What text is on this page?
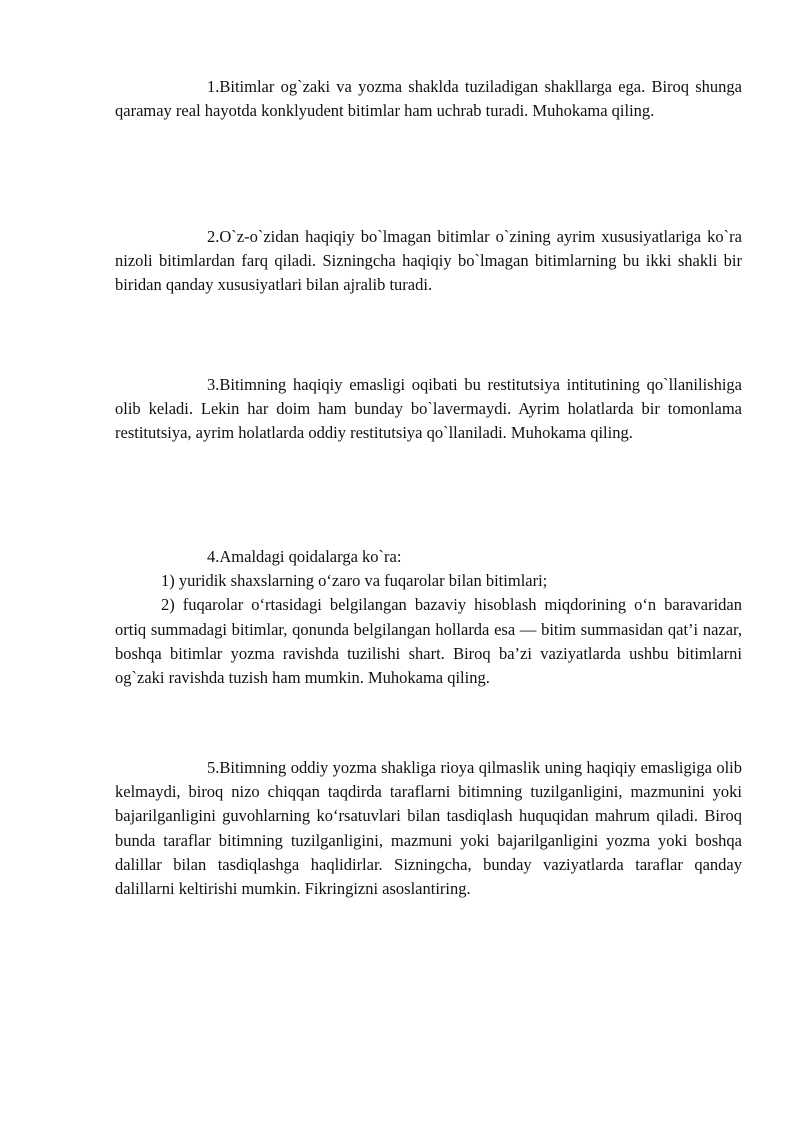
1.Bitimlar og`zaki va yozma shaklda tuziladigan shakllarga ega. Biroq shunga qaramay real hayotda konklyudent bitimlar ham uchrab turadi. Muhokama qiling.

2.O`z-o`zidan haqiqiy bo`lmagan bitimlar o`zining ayrim xususiyatlariga ko`ra nizoli bitimlardan farq qiladi. Sizningcha haqiqiy bo`lmagan bitimlarning bu ikki shakli bir biridan qanday xususiyatlari bilan ajralib turadi.

3.Bitimning haqiqiy emasligi oqibati bu restitutsiya intitutining qo`llanilishiga olib keladi. Lekin har doim ham bunday bo`lavermaydi. Ayrim holatlarda bir tomonlama restitutsiya, ayrim holatlarda oddiy restitutsiya qo`llaniladi. Muhokama qiling.

4.Amaldagi qoidalarga ko`ra:

1) yuridik shaxslarning o‘zaro va fuqarolar bilan bitimlari;

2) fuqarolar o‘rtasidagi belgilangan bazaviy hisoblash miqdorining o‘n baravaridan ortiq summadagi bitimlar, qonunda belgilangan hollarda esa — bitim summasidan qat’i nazar, boshqa bitimlar yozma ravishda tuzilishi shart. Biroq ba’zi vaziyatlarda ushbu bitimlarni og`zaki ravishda tuzish ham mumkin. Muhokama qiling.

5.Bitimning oddiy yozma shakliga rioya qilmaslik uning haqiqiy emasligiga olib kelmaydi, biroq nizo chiqqan taqdirda taraflarni bitimning tuzilganligini, mazmunini yoki bajarilganligini guvohlarning ko‘rsatuvlari bilan tasdiqlash huquqidan mahrum qiladi. Biroq bunda taraflar bitimning tuzilganligini, mazmuni yoki bajarilganligini yozma yoki boshqa dalillar bilan tasdiqlashga haqlidirlar. Sizningcha, bunday vaziyatlarda taraflar qanday dalillarni keltirishi mumkin. Fikringizni asoslantiring.
